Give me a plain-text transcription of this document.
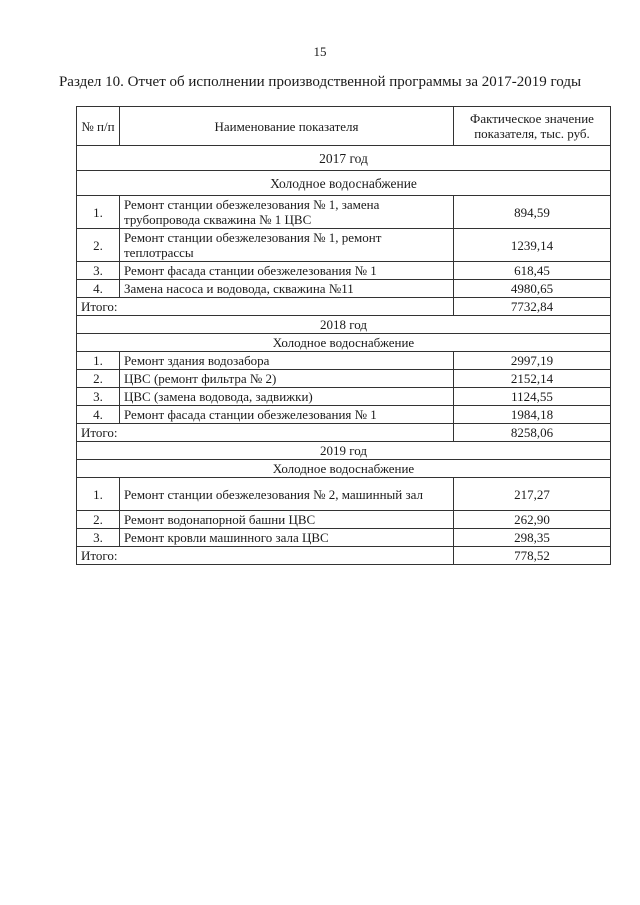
15
Раздел 10. Отчет об исполнении производственной программы за 2017-2019 годы
№ п/п	Наименование показателя	Фактическое значение показателя, тыс. руб.
2017 год		
Холодное водоснабжение		
1.	Ремонт станции обезжелезования № 1, замена трубопровода скважина № 1 ЦВС	894,59
2.	Ремонт станции обезжелезования № 1, ремонт теплотрассы	1239,14
3.	Ремонт фасада станции обезжелезования № 1	618,45
4.	Замена насоса и водовода, скважина №11	4980,65
Итого:		7732,84
2018 год		
Холодное водоснабжение		
1.	Ремонт здания водозабора	2997,19
2.	ЦВС (ремонт фильтра № 2)	2152,14
3.	ЦВС (замена водовода, задвижки)	1124,55
4.	Ремонт фасада станции обезжелезования № 1	1984,18
Итого:		8258,06
2019 год		
Холодное водоснабжение		
1.	Ремонт станции обезжелезования № 2, машинный зал	217,27
2.	Ремонт водонапорной башни ЦВС	262,90
3.	Ремонт кровли машинного зала ЦВС	298,35
Итого:		778,52
